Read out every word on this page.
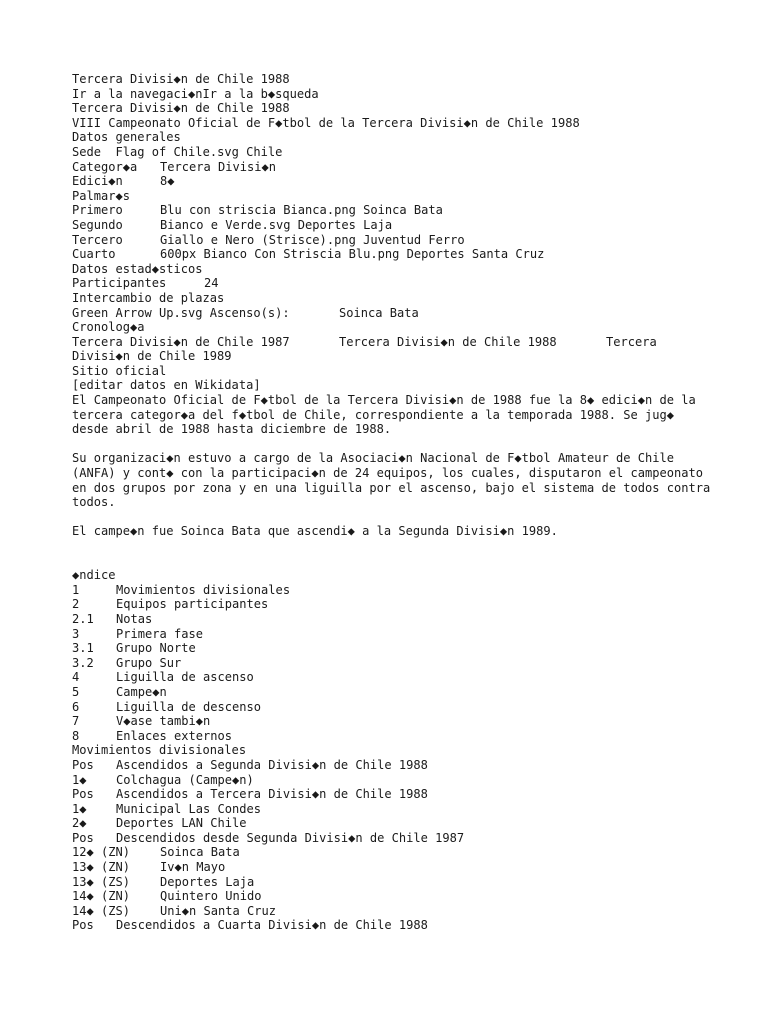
Tercera Divisi◆n de Chile 1988
Ir a la navegaci◆nIr a la b◆squeda
Tercera Divisi◆n de Chile 1988
VIII Campeonato Oficial de F◆tbol de la Tercera Divisi◆n de Chile 1988
Datos generales
Sede Flag of Chile.svg Chile
Categor◆a Tercera Divisi◆n
Edici◆n	8◆
Palmar◆s
Primero	Blu con striscia Bianca.png Soinca Bata
Segundo	Bianco e Verde.svg Deportes Laja
Tercero	Giallo e Nero (Strisce).png Juventud Ferro
Cuarto	600px Bianco Con Striscia Blu.png Deportes Santa Cruz
Datos estad◆sticos
Participantes	24
Intercambio de plazas
Green Arrow Up.svg Ascenso(s):	Soinca Bata
Cronolog◆a
Tercera Divisi◆n de Chile 1987	Tercera Divisi◆n de Chile 1988	Tercera
Divisi◆n de Chile 1989
Sitio oficial
[editar datos en Wikidata]
El Campeonato Oficial de F◆tbol de la Tercera Divisi◆n de 1988 fue la 8◆ edici◆n de la tercera categor◆a del f◆tbol de Chile, correspondiente a la temporada 1988. Se jug◆ desde abril de 1988 hasta diciembre de 1988.
Su organizaci◆n estuvo a cargo de la Asociaci◆n Nacional de F◆tbol Amateur de Chile (ANFA) y cont◆ con la participaci◆n de 24 equipos, los cuales, disputaron el campeonato en dos grupos por zona y en una liguilla por el ascenso, bajo el sistema de todos contra todos.
El campe◆n fue Soinca Bata que ascendi◆ a la Segunda Divisi◆n 1989.
◆ndice
1	Movimientos divisionales
2	Equipos participantes
2.1 Notas
3	Primera fase
3.1 Grupo Norte
3.2 Grupo Sur
4	Liguilla de ascenso
5	Campe◆n
6	Liguilla de descenso
7	V◆ase tambi◆n
8	Enlaces externos
Movimientos divisionales
Pos Ascendidos a Segunda Divisi◆n de Chile 1988
1◆ Colchagua (Campe◆n)
Pos Ascendidos a Tercera Divisi◆n de Chile 1988
1◆ Municipal Las Condes
2◆ Deportes LAN Chile
Pos Descendidos desde Segunda Divisi◆n de Chile 1987
12◆ (ZN) Soinca Bata
13◆ (ZN) Iv◆n Mayo
13◆ (ZS) Deportes Laja
14◆ (ZN) Quintero Unido
14◆ (ZS) Uni◆n Santa Cruz
Pos Descendidos a Cuarta Divisi◆n de Chile 1988
